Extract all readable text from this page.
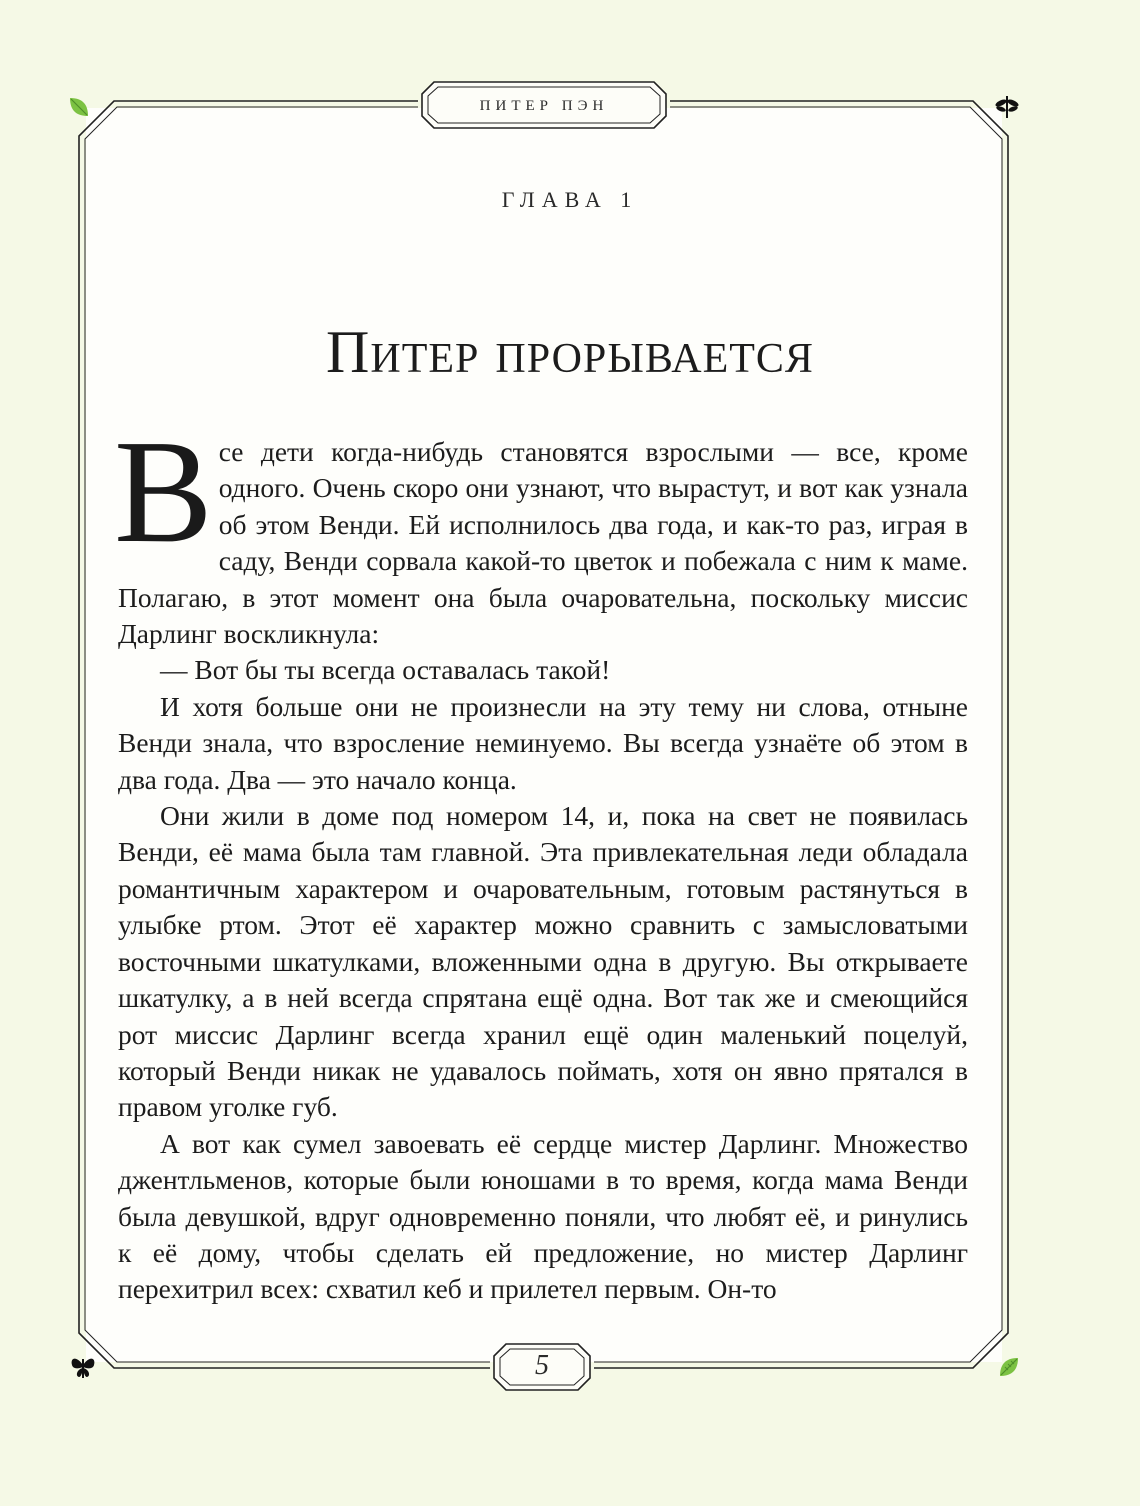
ПИТЕР ПЭН
ГЛАВА 1
Питер прорывается

Все дети когда-нибудь становятся взрослыми — все, кроме одного. Очень скоро они узнают, что вырастут, и вот как узнала об этом Венди. Ей исполнилось два года, и как-то раз, играя в саду, Венди сорвала какой-то цветок и побежала с ним к маме. Полагаю, в этот момент она была очаровательна, поскольку миссис Дарлинг воскликнула:

— Вот бы ты всегда оставалась такой!

И хотя больше они не произнесли на эту тему ни слова, отныне Венди знала, что взросление неминуемо. Вы всегда узнаёте об этом в два года. Два — это начало конца.

Они жили в доме под номером 14, и, пока на свет не появилась Венди, её мама была там главной. Эта привлекательная леди обладала романтичным характером и очаровательным, готовым растянуться в улыбке ртом. Этот её характер можно сравнить с замысловатыми восточными шкатулками, вложенными одна в другую. Вы открываете шкатулку, а в ней всегда спрятана ещё одна. Вот так же и смеющийся рот миссис Дарлинг всегда хранил ещё один маленький поцелуй, который Венди никак не удавалось поймать, хотя он явно прятался в правом уголке губ.

А вот как сумел завоевать её сердце мистер Дарлинг. Множество джентльменов, которые были юношами в то время, когда мама Венди была девушкой, вдруг одновременно поняли, что любят её, и ринулись к её дому, чтобы сделать ей предложение, но мистер Дарлинг перехитрил всех: схватил кеб и прилетел первым. Он-то

5
